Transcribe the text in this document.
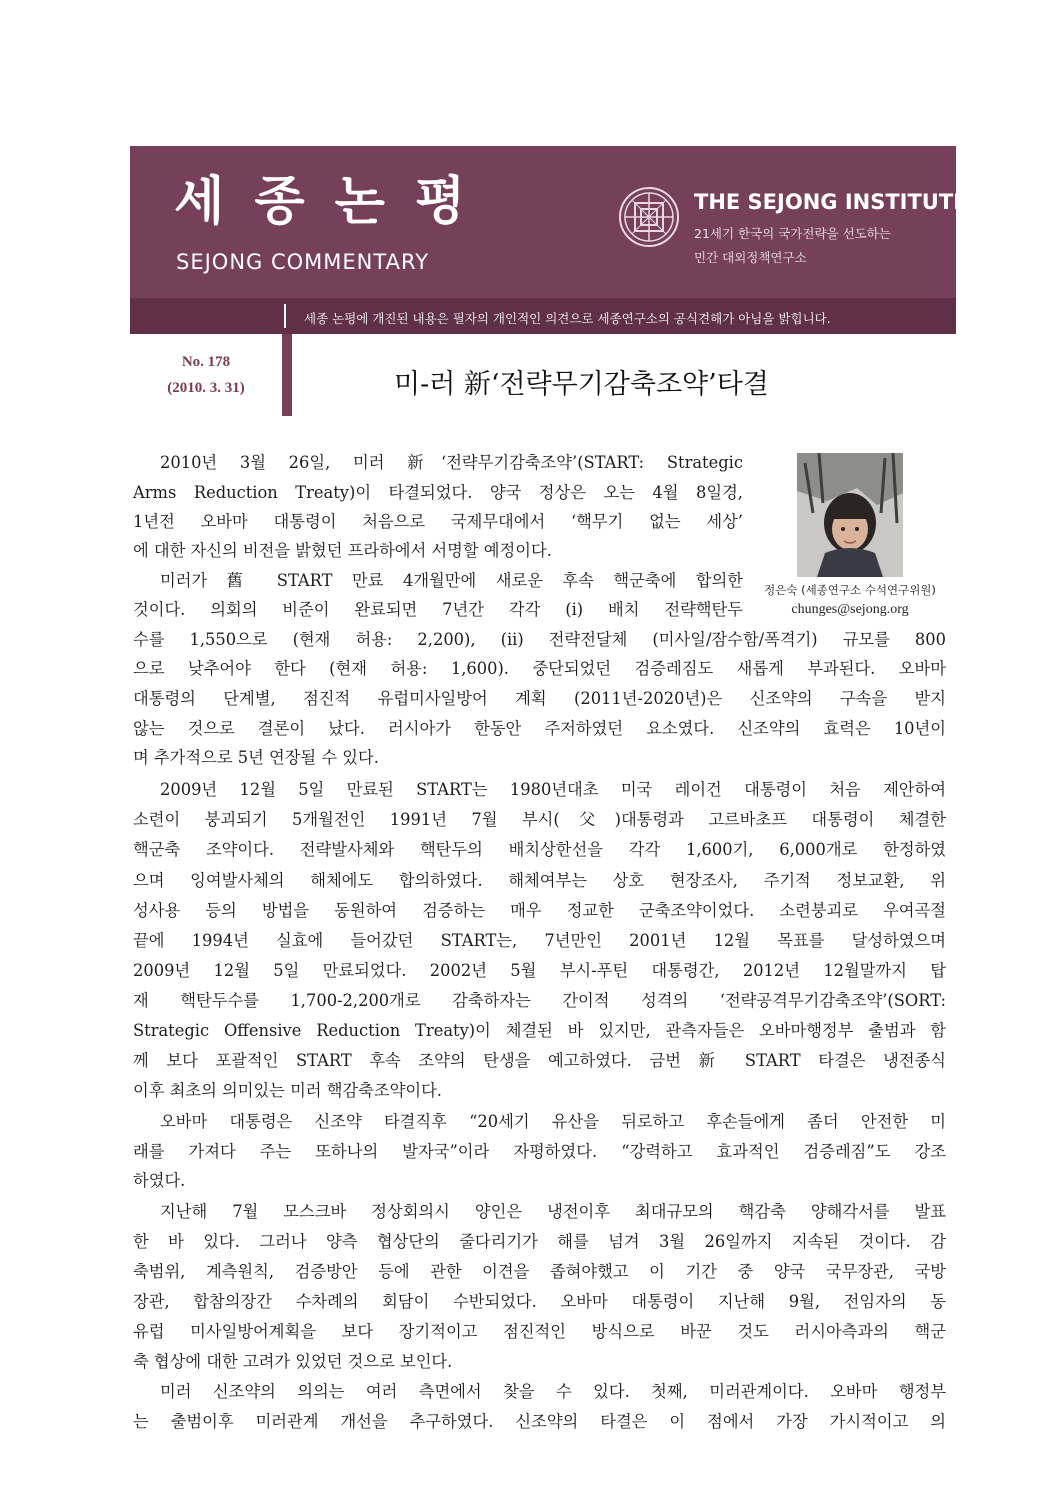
세 종 논 평
SEJONG COMMENTARY
THE SEJONG INSTITUTE
21세기 한국의 국가전략을 선도하는
민간 대외정책연구소
세종 논평에 개진된 내용은 필자의 개인적인 의견으로 세종연구소의 공식견해가 아님을 밝힙니다.
No. 178
(2010. 3. 31)	미-러 新‘전략무기감축조약’타결
정은숙 (세종연구소 수석연구위원)
chunges@sejong.org
2010년 3월 26일, 미러 新‘전략무기감축조약’(START: Strategic
Arms Reduction Treaty)이 타결되었다. 양국 정상은 오는 4월 8일경,
1년전 오바마 대통령이 처음으로 국제무대에서 ‘핵무기 없는 세상’
에 대한 자신의 비전을 밝혔던 프라하에서 서명할 예정이다.
미러가 舊 START 만료 4개월만에 새로운 후속 핵군축에 합의한
것이다. 의회의 비준이 완료되면 7년간 각각 (i) 배치 전략핵탄두
수를 1,550으로 (현재 허용: 2,200), (ii) 전략전달체 (미사일/잠수함/폭격기) 규모를 800
으로 낮추어야 한다 (현재 허용: 1,600). 중단되었던 검증레짐도 새롭게 부과된다. 오바마
대통령의 단계별, 점진적 유럽미사일방어 계획 (2011년-2020년)은 신조약의 구속을 받지
않는 것으로 결론이 났다. 러시아가 한동안 주저하였던 요소였다. 신조약의 효력은 10년이
며 추가적으로 5년 연장될 수 있다.
2009년 12월 5일 만료된 START는 1980년대초 미국 레이건 대통령이 처음 제안하여
소련이 붕괴되기 5개월전인 1991년 7월 부시(父)대통령과 고르바초프 대통령이 체결한
핵군축 조약이다. 전략발사체와 핵탄두의 배치상한선을 각각 1,600기, 6,000개로 한정하였
으며 잉여발사체의 해체에도 합의하였다. 해체여부는 상호 현장조사, 주기적 정보교환, 위
성사용 등의 방법을 동원하여 검증하는 매우 정교한 군축조약이었다. 소련붕괴로 우여곡절
끝에 1994년 실효에 들어갔던 START는, 7년만인 2001년 12월 목표를 달성하였으며
2009년 12월 5일 만료되었다. 2002년 5월 부시-푸틴 대통령간, 2012년 12월말까지 탑
재 핵탄두수를 1,700-2,200개로 감축하자는 간이적 성격의 ‘전략공격무기감축조약’(SORT:
Strategic Offensive Reduction Treaty)이 체결된 바 있지만, 관측자들은 오바마행정부 출범과 함
께 보다 포괄적인 START 후속 조약의 탄생을 예고하였다. 금번 新 START 타결은 냉전종식
이후 최초의 의미있는 미러 핵감축조약이다.
오바마 대통령은 신조약 타결직후 “20세기 유산을 뒤로하고 후손들에게 좀더 안전한 미
래를 가져다 주는 또하나의 발자국”이라 자평하였다. “강력하고 효과적인 검증레짐”도 강조
하였다.
지난해 7월 모스크바 정상회의시 양인은 냉전이후 최대규모의 핵감축 양해각서를 발표
한 바 있다. 그러나 양측 협상단의 줄다리기가 해를 넘겨 3월 26일까지 지속된 것이다. 감
축범위, 계측원칙, 검증방안 등에 관한 이견을 좁혀야했고 이 기간 중 양국 국무장관, 국방
장관, 합참의장간 수차례의 회담이 수반되었다. 오바마 대통령이 지난해 9월, 전임자의 동
유럽 미사일방어계획을 보다 장기적이고 점진적인 방식으로 바꾼 것도 러시아측과의 핵군
축 협상에 대한 고려가 있었던 것으로 보인다.
미러 신조약의 의의는 여러 측면에서 찾을 수 있다. 첫째, 미러관계이다. 오바마 행정부
는 출범이후 미러관계 개선을 추구하였다. 신조약의 타결은 이 점에서 가장 가시적이고 의
